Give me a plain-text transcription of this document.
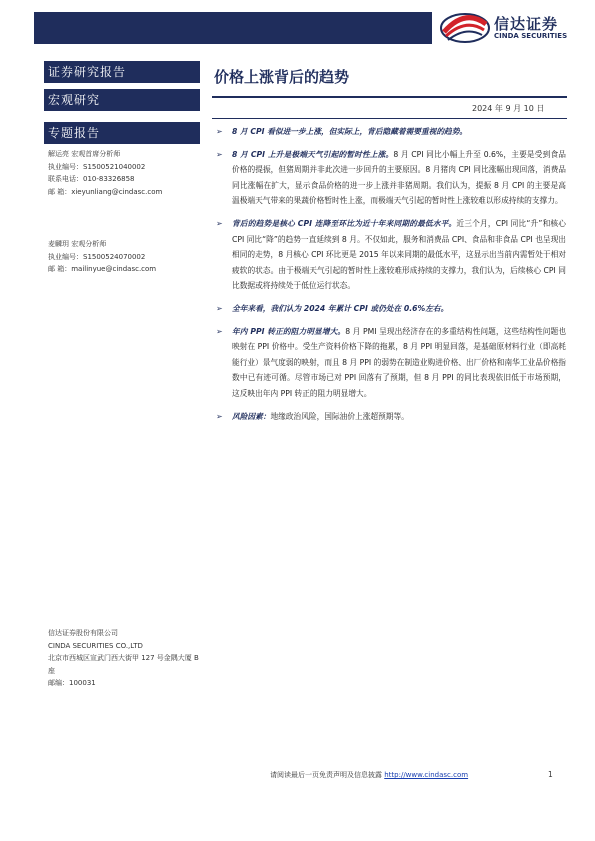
信达证券
CINDA SECURITIES
证券研究报告
宏观研究
专题报告
解运亮 宏观首席分析师
执业编号：S1500521040002
联系电话：010-83326858
邮 箱：xieyunliang@cindasc.com
麦麟玥 宏观分析师
执业编号：S1500524070002
邮 箱：mailinyue@cindasc.com
信达证券股份有限公司
CINDA SECURITIES CO.,LTD
北京市西城区宣武门西大街甲 127 号金隅大厦 B 座
邮编：100031
价格上涨背后的趋势
2024 年 9 月 10 日
➢ 8 月 CPI 看似进一步上涨，但实际上，背后隐藏着需要重视的趋势。
➢ 8 月 CPI 上升是极端天气引起的暂时性上涨。8 月 CPI 同比小幅上升至 0.6%，主要是受到食品价格的提振，但猪周期并非此次进一步回升的主要原因。8 月猪肉 CPI 同比涨幅出现回落，消费品同比涨幅在扩大，显示食品价格的进一步上涨并非猪周期。我们认为，提振 8 月 CPI 的主要是高温极端天气带来的果蔬价格暂时性上涨，而极端天气引起的暂时性上涨较难以形成持续的支撑力。
➢ 背后的趋势是核心 CPI 连降至环比为近十年来同期的最低水平。近三个月，CPI 同比“升”和核心 CPI 同比“降”的趋势一直延续到 8 月。不仅如此，服务和消费品 CPI、食品和非食品 CPI 也呈现出相同的走势，8 月核心 CPI 环比更是 2015 年以来同期的最低水平，这显示出当前内需暂处于相对疲软的状态。由于极端天气引起的暂时性上涨较难形成持续的支撑力，我们认为，后续核心 CPI 同比数据或将持续处于低位运行状态。
➢ 全年来看，我们认为 2024 年累计 CPI 或仍处在 0.6%左右。
➢ 年内 PPI 转正的阻力明显增大。8 月 PMI 呈现出经济存在的多重结构性问题，这些结构性问题也映射在 PPI 价格中。受生产资料价格下降的拖累，8 月 PPI 明显回落，是基础原材料行业（即高耗能行业）景气度弱的映射，而且 8 月 PPI 的弱势在制造业购进价格、出厂价格和南华工业品价格指数中已有迹可循。尽管市场已对 PPI 回落有了预期，但 8 月 PPI 的同比表现依旧低于市场预期，这反映出年内 PPI 转正的阻力明显增大。
➢ 风险因素：地缘政治风险，国际油价上涨超预期等。
请阅读最后一页免责声明及信息披露 http://www.cindasc.com	1
